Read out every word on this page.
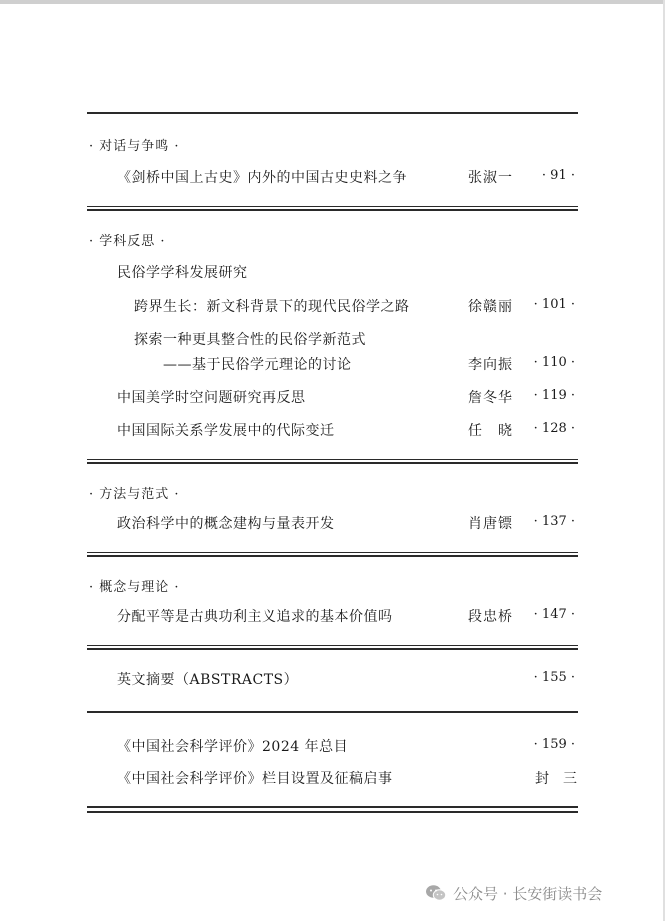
· 对话与争鸣 ·
《剑桥中国上古史》内外的中国古史史料之争	张淑一	· 91 ·
· 学科反思 ·
民俗学学科发展研究
跨界生长：新文科背景下的现代民俗学之路	徐赣丽	· 101 ·
探索一种更具整合性的民俗学新范式
——基于民俗学元理论的讨论	李向振	· 110 ·
中国美学时空问题研究再反思	詹冬华	· 119 ·
中国国际关系学发展中的代际变迁	任　晓	· 128 ·
· 方法与范式 ·
政治科学中的概念建构与量表开发	肖唐镖	· 137 ·
· 概念与理论 ·
分配平等是古典功利主义追求的基本价值吗	段忠桥	· 147 ·
英文摘要（ABSTRACTS）	· 155 ·
《中国社会科学评价》2024 年总目	· 159 ·
《中国社会科学评价》栏目设置及征稿启事	封　三
公众号 · 长安街读书会
